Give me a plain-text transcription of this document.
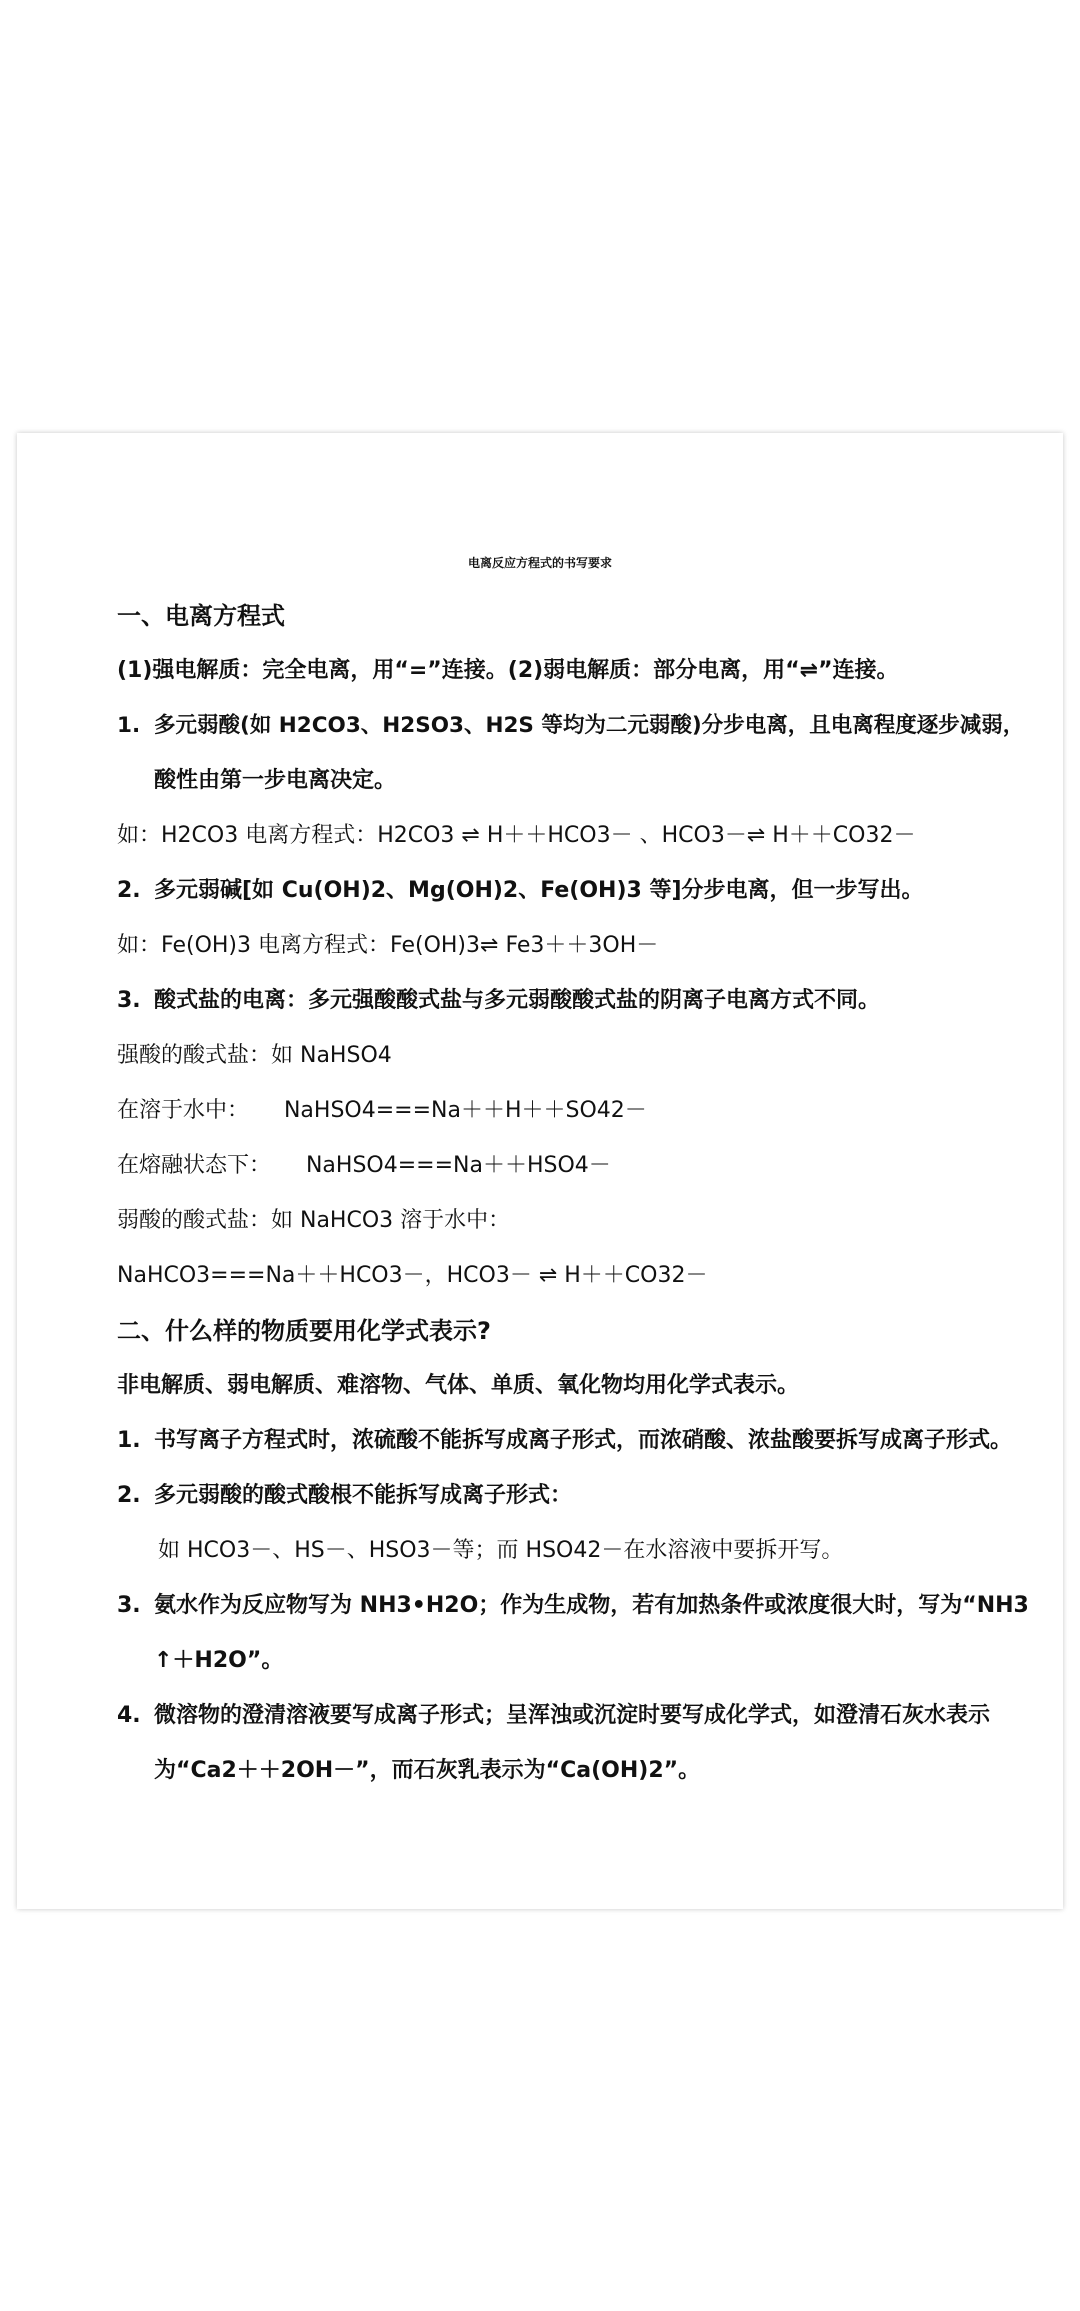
电离反应方程式的书写要求
一、电离方程式
(1)强电解质：完全电离，用“=”连接。(2)弱电解质：部分电离，用“⇌”连接。
1. 多元弱酸(如 H2CO3、H2SO3、H2S 等均为二元弱酸)分步电离，且电离程度逐步减弱，
酸性由第一步电离决定。
如：H2CO3 电离方程式：H2CO3 ⇌ H＋＋HCO3－ 、HCO3－⇌ H＋＋CO32－
2. 多元弱碱[如 Cu(OH)2、Mg(OH)2、Fe(OH)3 等]分步电离，但一步写出。
如：Fe(OH)3 电离方程式：Fe(OH)3⇌ Fe3＋＋3OH－
3. 酸式盐的电离：多元强酸酸式盐与多元弱酸酸式盐的阴离子电离方式不同。
强酸的酸式盐：如 NaHSO4
在溶于水中：     NaHSO4===Na＋＋H＋＋SO42－
在熔融状态下：     NaHSO4===Na＋＋HSO4－
弱酸的酸式盐：如 NaHCO3 溶于水中：
NaHCO3===Na＋＋HCO3－，HCO3－ ⇌ H＋＋CO32－
二、什么样的物质要用化学式表示?
非电解质、弱电解质、难溶物、气体、单质、氧化物均用化学式表示。
1. 书写离子方程式时，浓硫酸不能拆写成离子形式，而浓硝酸、浓盐酸要拆写成离子形式。
2. 多元弱酸的酸式酸根不能拆写成离子形式：
如 HCO3－、HS－、HSO3－等；而 HSO42－在水溶液中要拆开写。
3. 氨水作为反应物写为 NH3•H2O；作为生成物，若有加热条件或浓度很大时，写为“NH3
↑＋H2O”。
4. 微溶物的澄清溶液要写成离子形式；呈浑浊或沉淀时要写成化学式，如澄清石灰水表示
为“Ca2＋＋2OH－”，而石灰乳表示为“Ca(OH)2”。
